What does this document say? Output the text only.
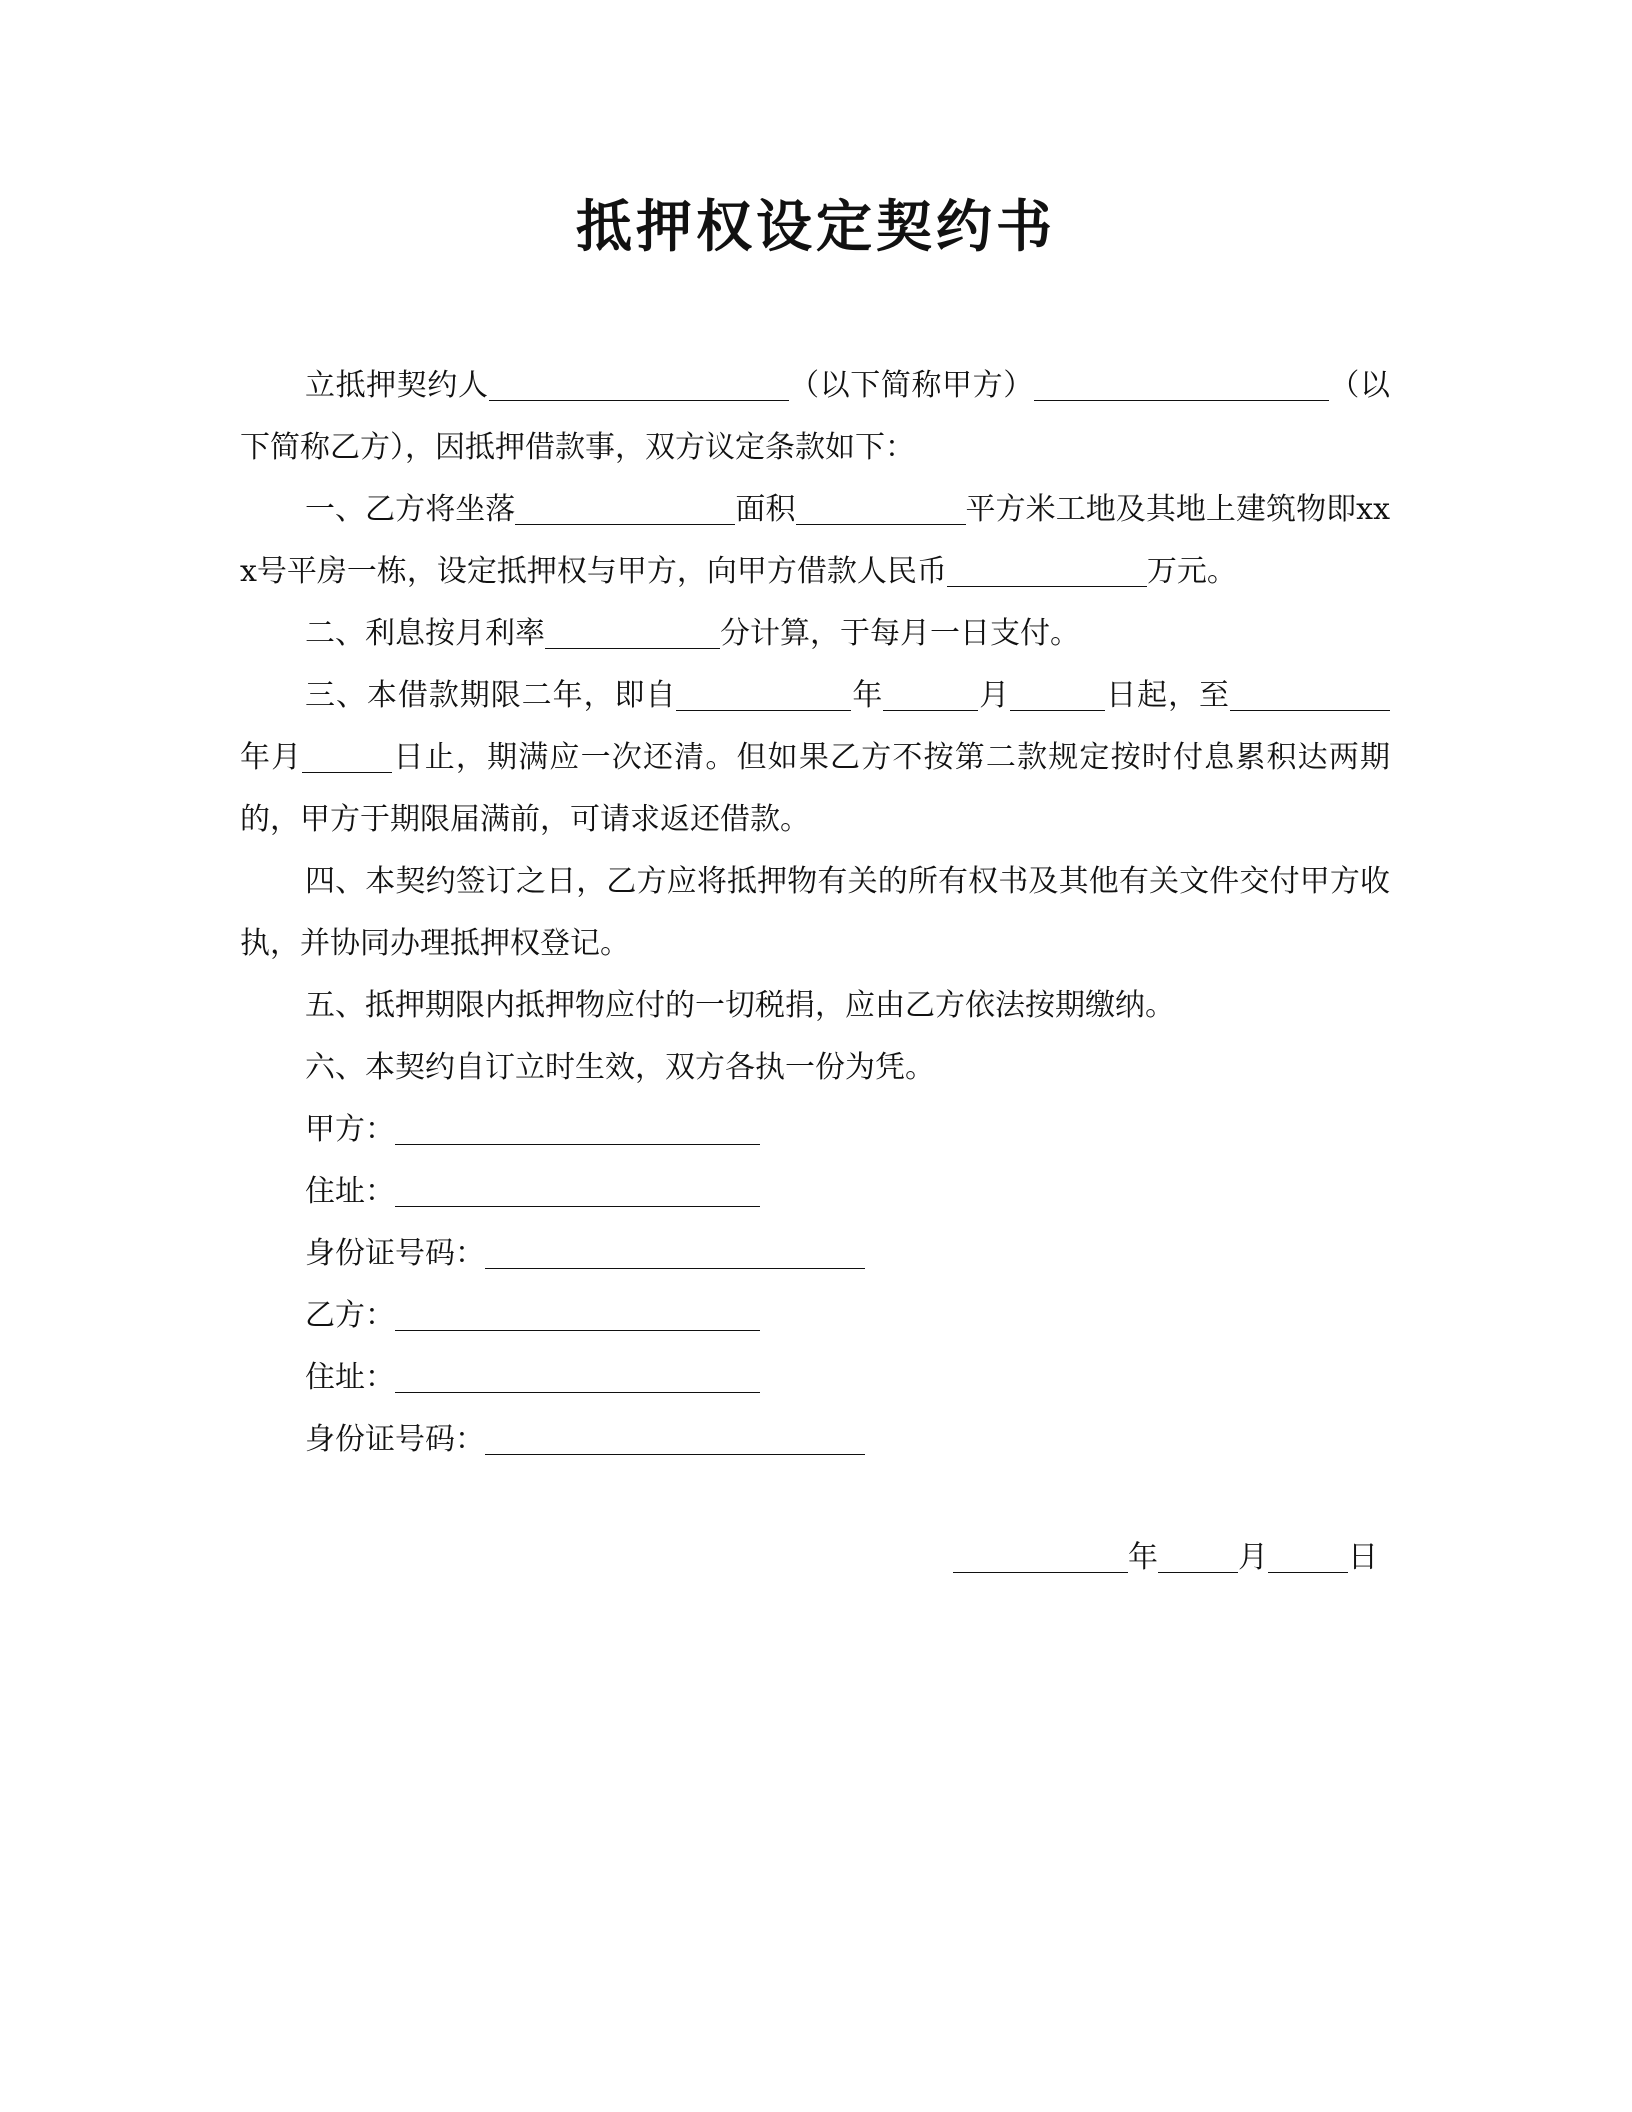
抵押权设定契约书

立抵押契约人	（以下简称甲方）	（以下简称乙方），因抵押借款事，双方议定条款如下：

一、乙方将坐落	面积	平方米工地及其地上建筑物即xx x号平房一栋，设定抵押权与甲方，向甲方借款人民币	万元。

二、利息按月利率	分计算，于每月一日支付。

三、本借款期限二年，即自	年	月	日起，至年月	日止，期满应一次还清。但如果乙方不按第二款规定按时付息累积达两期的，甲方于期限届满前，可请求返还借款。

四、本契约签订之日，乙方应将抵押物有关的所有权书及其他有关文件交付甲方收执，并协同办理抵押权登记。

五、抵押期限内抵押物应付的一切税捐，应由乙方依法按期缴纳。

六、本契约自订立时生效，双方各执一份为凭。

甲方：

住址：

身份证号码：

乙方：

住址：

身份证号码：

年	月	日
